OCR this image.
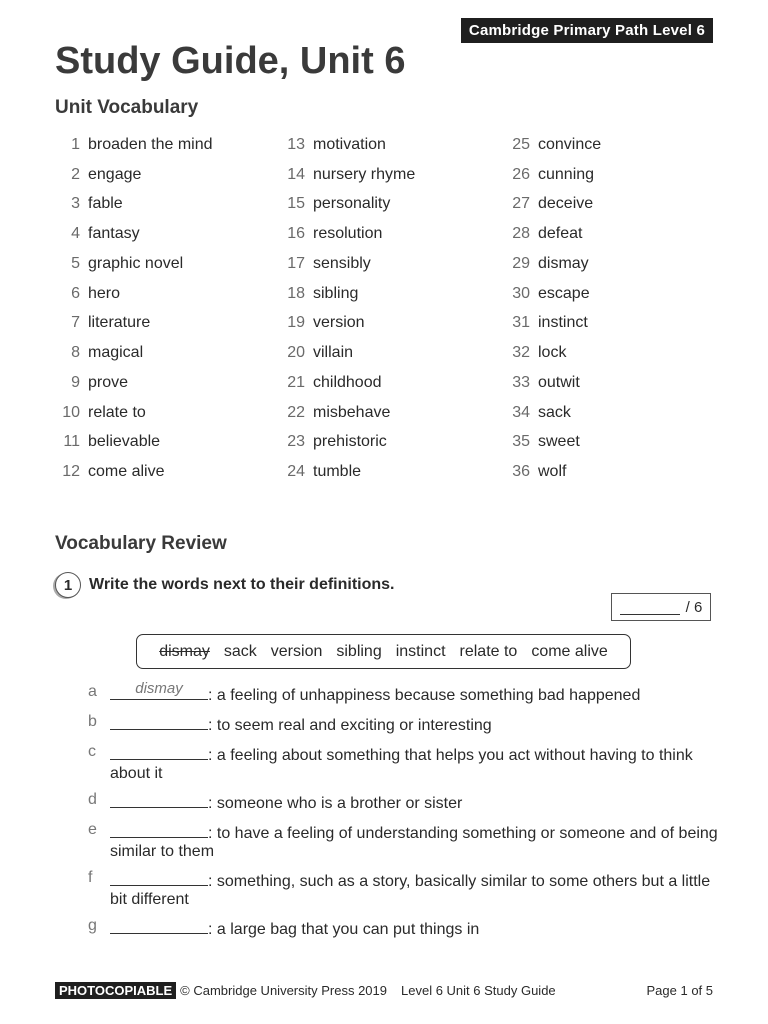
Cambridge Primary Path Level 6
Study Guide, Unit 6
Unit Vocabulary
1 broaden the mind
2 engage
3 fable
4 fantasy
5 graphic novel
6 hero
7 literature
8 magical
9 prove
10 relate to
11 believable
12 come alive
13 motivation
14 nursery rhyme
15 personality
16 resolution
17 sensibly
18 sibling
19 version
20 villain
21 childhood
22 misbehave
23 prehistoric
24 tumble
25 convince
26 cunning
27 deceive
28 defeat
29 dismay
30 escape
31 instinct
32 lock
33 outwit
34 sack
35 sweet
36 wolf
Vocabulary Review
1	Write the words next to their definitions.
/ 6
dismay sack version sibling instinct relate to come alive
a	dismay	: a feeling of unhappiness because something bad happened
b	: to seem real and exciting or interesting
c	: a feeling about something that helps you act without having to think about it
d	: someone who is a brother or sister
e	: to have a feeling of understanding something or someone and of being similar to them
f	: something, such as a story, basically similar to some others but a little bit different
g	: a large bag that you can put things in
PHOTOCOPIABLE © Cambridge University Press 2019 Level 6 Unit 6 Study Guide	Page 1 of 5
